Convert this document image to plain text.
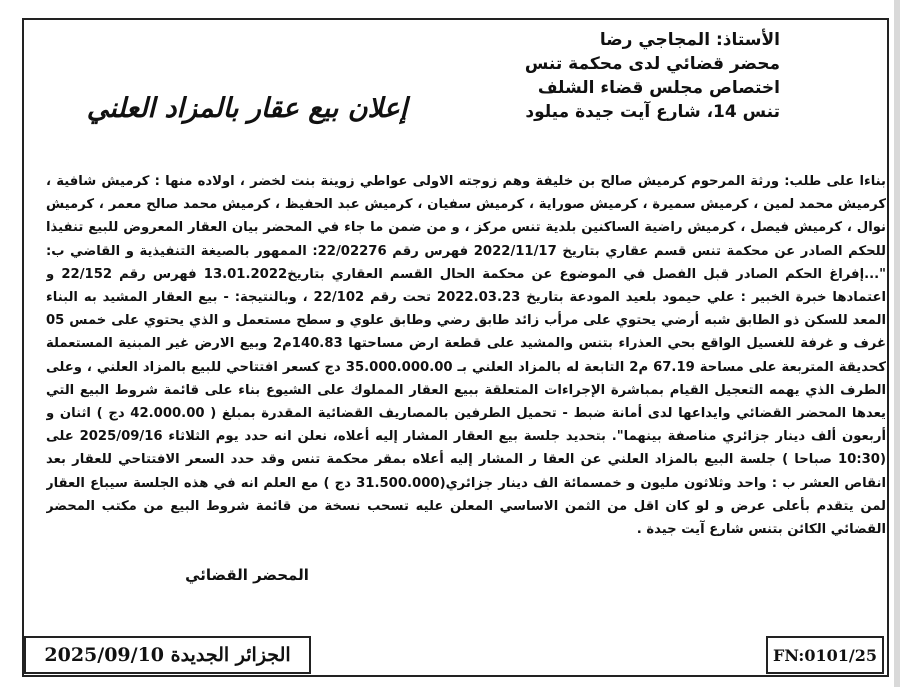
الأستاذ: المجاجي رضا
محضر قضائي لدى محكمة تنس
اختصاص مجلس قضاء الشلف
تنس 14، شارع آيت جيدة ميلود
إعلان بيع عقار بالمزاد العلني
بناءا على طلب: ورثة المرحوم كرميش صالح بن خليفة وهم زوجته الاولى عواطي زوينة بنت لخضر ، اولاده منها : كرميش شافية ، كرميش محمد لمين ، كرميش سميرة ، كرميش صوراية ، كرميش سفيان ، كرميش عبد الحفيظ ، كرميش محمد صالح معمر ، كرميش نوال ، كرميش فيصل ، كرميش راضية الساكنين بلدية تنس مركز ، و من ضمن ما جاء في المحضر بيان العقار المعروض للبيع تنفيذا للحكم الصادر عن محكمة تنس قسم عقاري بتاريخ 2022/11/17 فهرس رقم 22/02276: الممهور بالصيغة التنفيذية و القاضي ب: "...إفراغ الحكم الصادر قبل الفصل في الموضوع عن محكمة الحال القسم العقاري بتاريخ13.01.2022 فهرس رقم 22/152 و اعتمادها خبرة الخبير : علي حيمود بلعيد المودعة بتاريخ 2022.03.23 تحت رقم 22/102 ، وبالنتيجة: - بيع العقار المشيد به البناء المعد للسكن ذو الطابق شبه أرضي يحتوي على مرأب زائد طابق رضي وطابق علوي و سطح مستعمل و الذي يحتوي على خمس 05 غرف و غرفة للغسيل الواقع بحي العذراء بتنس والمشيد على قطعة ارض مساحتها 140.83م2 وبيع الارض غير المبنية المستعملة كحديقة المتربعة على مساحة 67.19 م2 التابعة له بالمزاد العلني بـ 35.000.000.00 دج كسعر افتتاحي للبيع بالمزاد العلني ، وعلى الطرف الذي يهمه التعجيل القيام بمباشرة الإجراءات المتعلقة ببيع العقار المملوك على الشيوع بناء على قائمة شروط البيع التي يعدها المحضر القضائي وايداعها لدى أمانة ضبط - تحميل الطرفين بالمصاريف القضائية المقدرة بمبلغ ( 42.000.00 دج ) اثنان و أربعون ألف دينار جزائري مناصفة بينهما". بتحديد جلسة بيع العقار المشار إليه أعلاه، نعلن انه حدد يوم الثلاثاء 2025/09/16 على (10:30 صباحا ) جلسة البيع بالمزاد العلني عن العقا ر المشار إليه أعلاه بمقر محكمة تنس وقد حدد السعر الافتتاحي للعقار بعد انقاص العشر ب : واحد وثلاثون مليون و خمسمائة الف دينار جزائري(31.500.000 دج ) مع العلم انه في هذه الجلسة سيباع العقار لمن يتقدم بأعلى عرض و لو كان اقل من الثمن الاساسي المعلن عليه تسحب نسخة من قائمة شروط البيع من مكتب المحضر القضائي الكائن بتنس شارع آيت جيدة .
المحضر القضائي
الجزائر الجديدة 2025/09/10	FN:0101/25
